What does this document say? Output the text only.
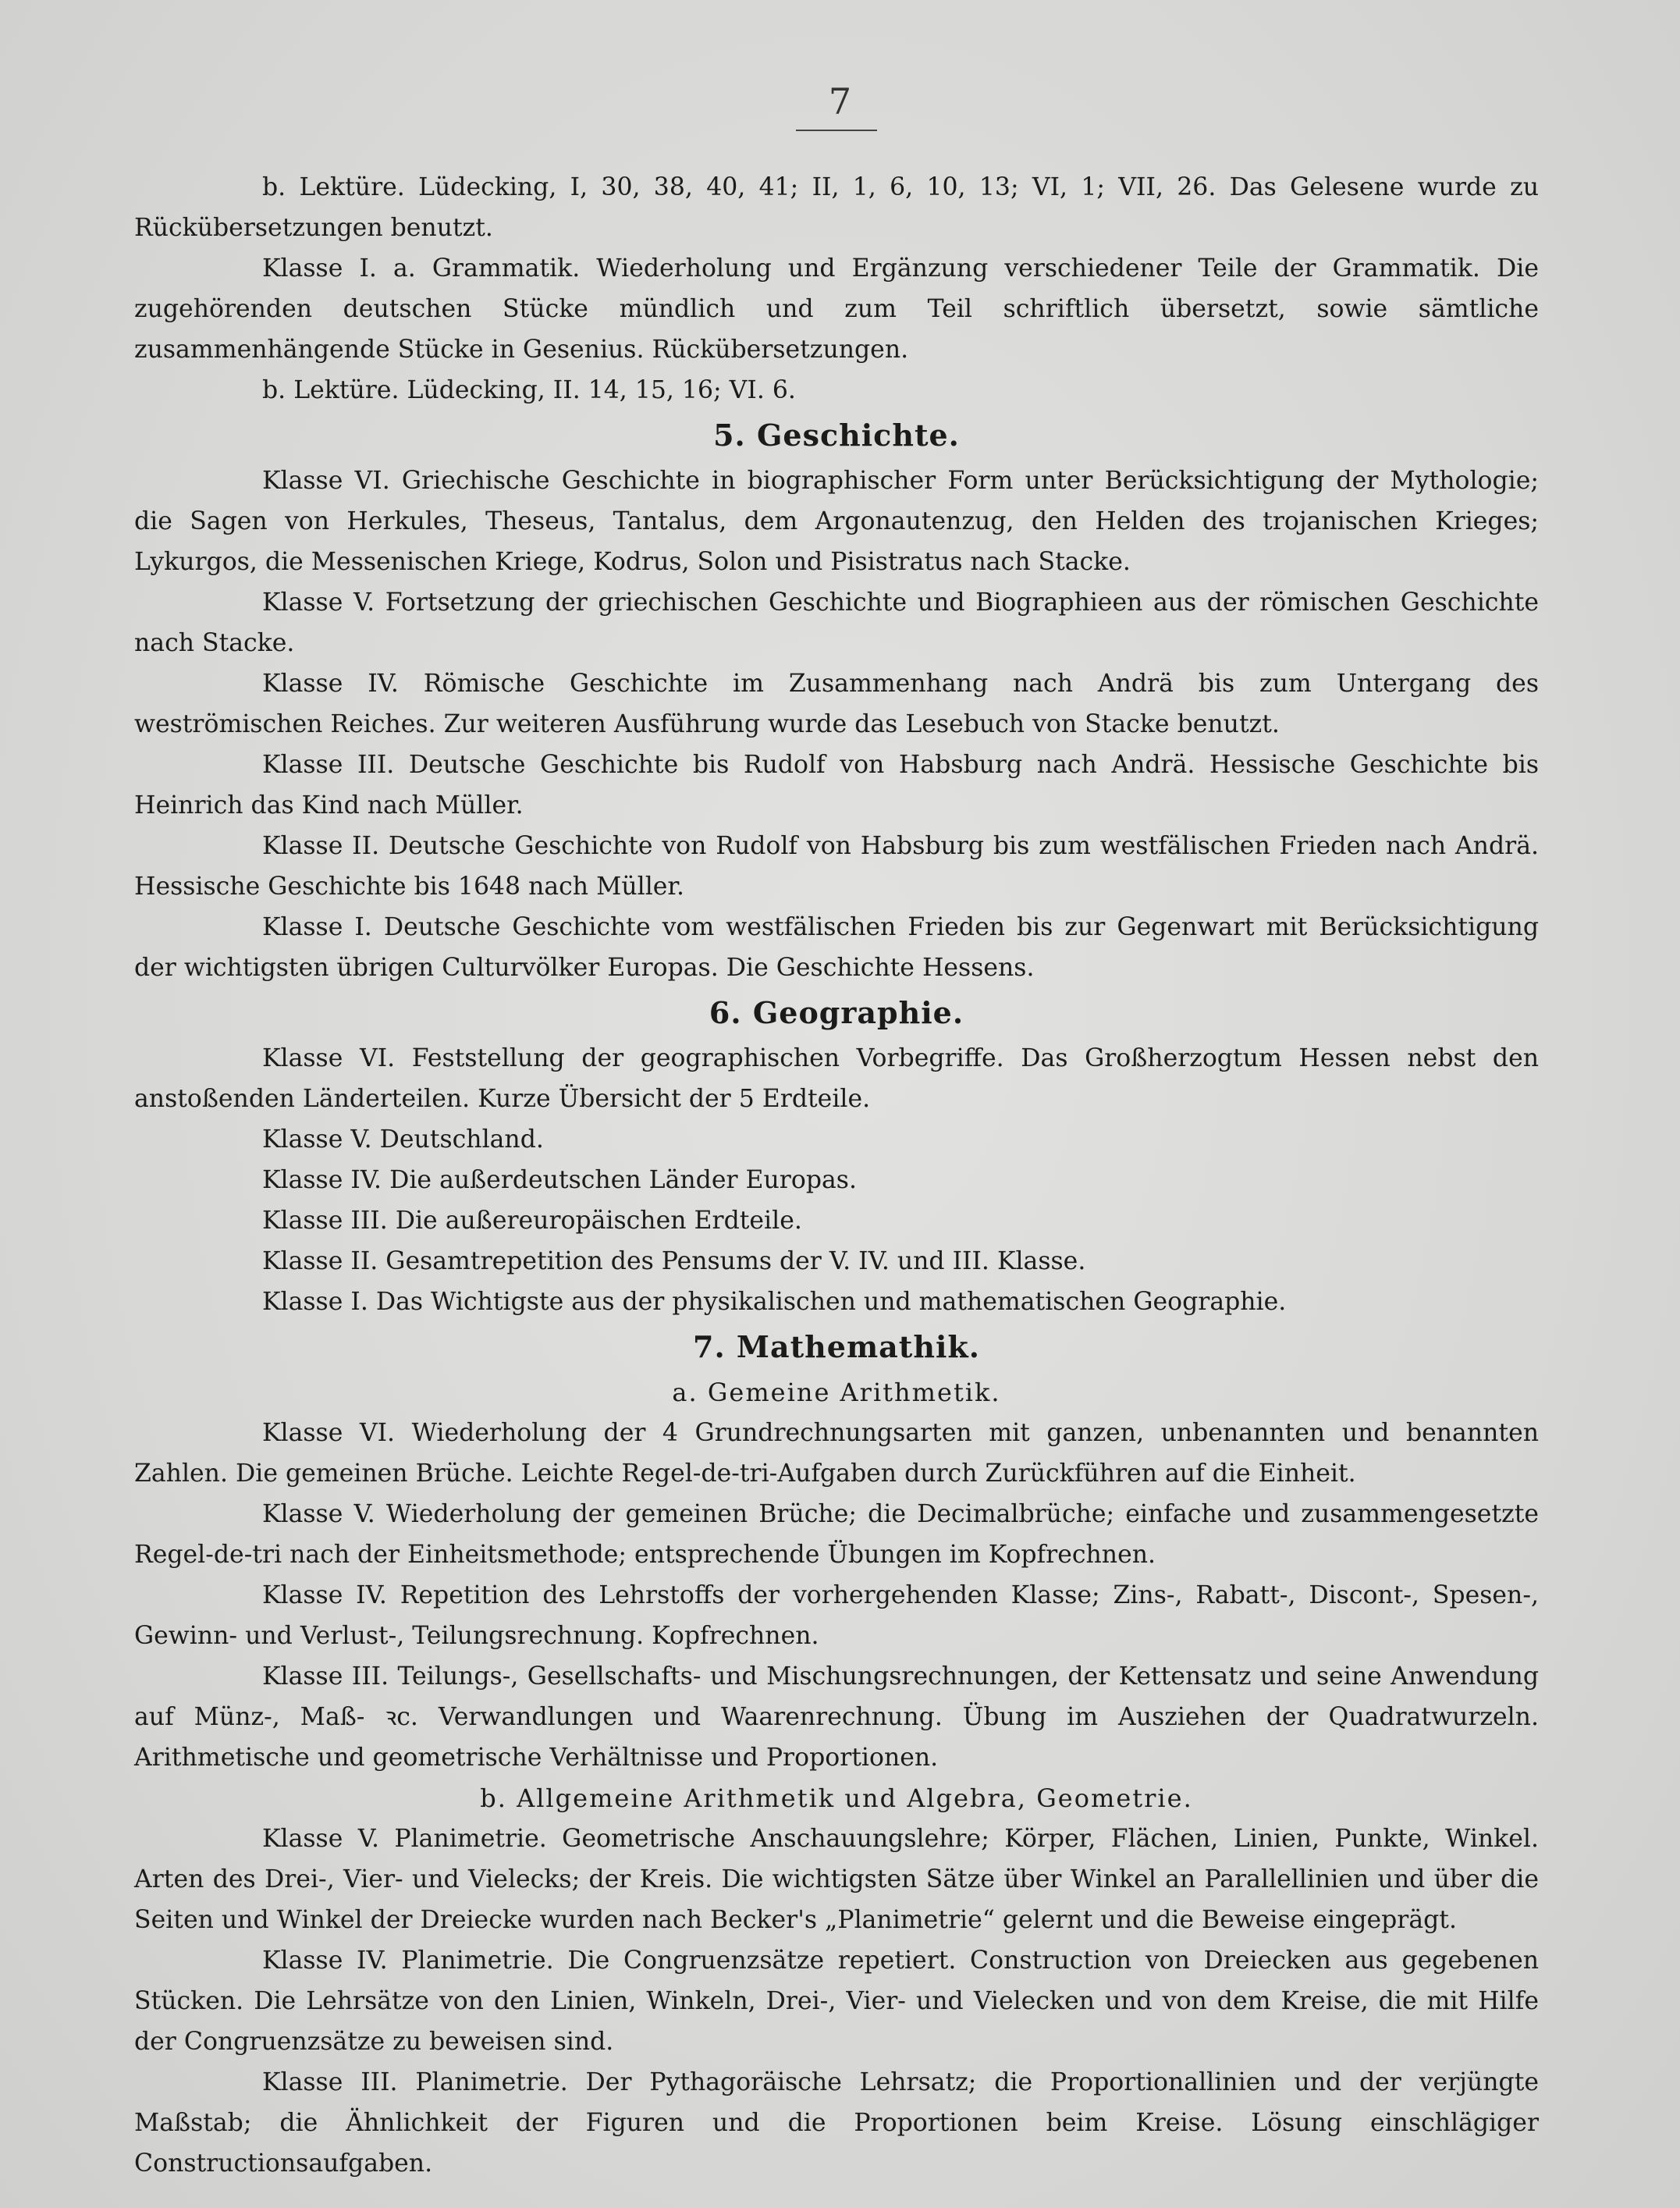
7

b. Lektüre. Lüdecking, I, 30, 38, 40, 41; II, 1, 6, 10, 13; VI, 1; VII, 26. Das Gelesene wurde zu Rückübersetzungen benutzt.

Klasse I. a. Grammatik. Wiederholung und Ergänzung verschiedener Teile der Grammatik. Die zugehörenden deutschen Stücke mündlich und zum Teil schriftlich übersetzt, sowie sämtliche zusammenhängende Stücke in Gesenius. Rückübersetzungen.

b. Lektüre. Lüdecking, II. 14, 15, 16; VI. 6.

5. Geschichte.

Klasse VI. Griechische Geschichte in biographischer Form unter Berücksichtigung der Mythologie; die Sagen von Herkules, Theseus, Tantalus, dem Argonautenzug, den Helden des trojanischen Krieges; Lykurgos, die Messenischen Kriege, Kodrus, Solon und Pisistratus nach Stacke.

Klasse V. Fortsetzung der griechischen Geschichte und Biographieen aus der römischen Geschichte nach Stacke.

Klasse IV. Römische Geschichte im Zusammenhang nach Andrä bis zum Untergang des weströmischen Reiches. Zur weiteren Ausführung wurde das Lesebuch von Stacke benutzt.

Klasse III. Deutsche Geschichte bis Rudolf von Habsburg nach Andrä. Hessische Geschichte bis Heinrich das Kind nach Müller.

Klasse II. Deutsche Geschichte von Rudolf von Habsburg bis zum westfälischen Frieden nach Andrä. Hessische Geschichte bis 1648 nach Müller.

Klasse I. Deutsche Geschichte vom westfälischen Frieden bis zur Gegenwart mit Berücksichtigung der wichtigsten übrigen Culturvölker Europas. Die Geschichte Hessens.

6. Geographie.

Klasse VI. Feststellung der geographischen Vorbegriffe. Das Großherzogtum Hessen nebst den anstoßenden Länderteilen. Kurze Übersicht der 5 Erdteile.

Klasse V. Deutschland.

Klasse IV. Die außerdeutschen Länder Europas.

Klasse III. Die außereuropäischen Erdteile.

Klasse II. Gesamtrepetition des Pensums der V. IV. und III. Klasse.

Klasse I. Das Wichtigste aus der physikalischen und mathematischen Geographie.

7. Mathemathik.
a. Gemeine Arithmetik.

Klasse VI. Wiederholung der 4 Grundrechnungsarten mit ganzen, unbenannten und benannten Zahlen. Die gemeinen Brüche. Leichte Regel-de-tri-Aufgaben durch Zurückführen auf die Einheit.

Klasse V. Wiederholung der gemeinen Brüche; die Decimalbrüche; einfache und zusammengesetzte Regel-de-tri nach der Einheitsmethode; entsprechende Übungen im Kopfrechnen.

Klasse IV. Repetition des Lehrstoffs der vorhergehenden Klasse; Zins-, Rabatt-, Discont-, Spesen-, Gewinn- und Verlust-, Teilungsrechnung. Kopfrechnen.

Klasse III. Teilungs-, Gesellschafts- und Mischungsrechnungen, der Kettensatz und seine Anwendung auf Münz-, Maß- ꝛc. Verwandlungen und Waarenrechnung. Übung im Ausziehen der Quadratwurzeln. Arithmetische und geometrische Verhältnisse und Proportionen.

b. Allgemeine Arithmetik und Algebra, Geometrie.

Klasse V. Planimetrie. Geometrische Anschauungslehre; Körper, Flächen, Linien, Punkte, Winkel. Arten des Drei-, Vier- und Vielecks; der Kreis. Die wichtigsten Sätze über Winkel an Parallellinien und über die Seiten und Winkel der Dreiecke wurden nach Becker's „Planimetrie“ gelernt und die Beweise eingeprägt.

Klasse IV. Planimetrie. Die Congruenzsätze repetiert. Construction von Dreiecken aus gegebenen Stücken. Die Lehrsätze von den Linien, Winkeln, Drei-, Vier- und Vielecken und von dem Kreise, die mit Hilfe der Congruenzsätze zu beweisen sind.

Klasse III. Planimetrie. Der Pythagoräische Lehrsatz; die Proportionallinien und der verjüngte Maßstab; die Ähnlichkeit der Figuren und die Proportionen beim Kreise. Lösung einschlägiger Constructionsaufgaben.
